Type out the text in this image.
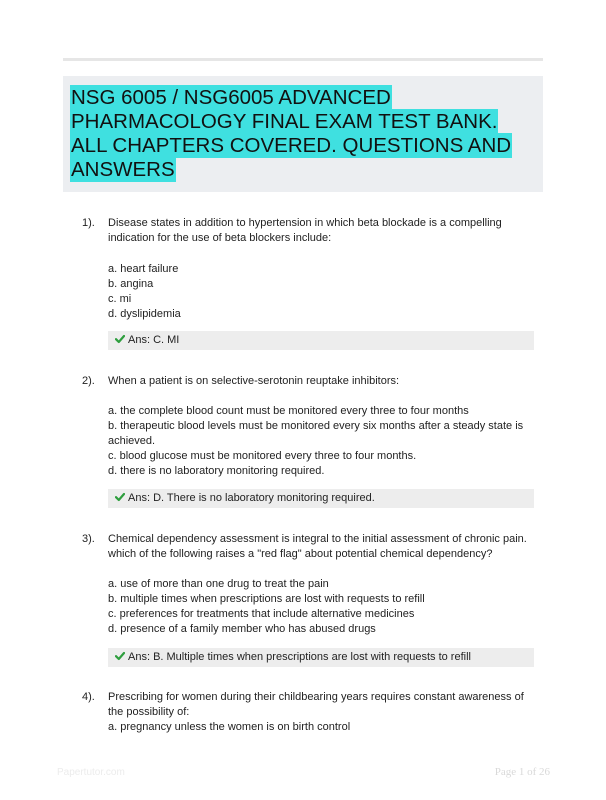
NSG 6005 / NSG6005 ADVANCED PHARMACOLOGY FINAL EXAM TEST BANK. ALL CHAPTERS COVERED. QUESTIONS AND ANSWERS

1). Disease states in addition to hypertension in which beta blockade is a compelling indication for the use of beta blockers include:
a. heart failure
b. angina
c. mi
d. dyslipidemia
Ans: C. MI
2). When a patient is on selective-serotonin reuptake inhibitors:
a. the complete blood count must be monitored every three to four months
b. therapeutic blood levels must be monitored every six months after a steady state is achieved.
c. blood glucose must be monitored every three to four months.
d. there is no laboratory monitoring required.
Ans: D. There is no laboratory monitoring required.
3). Chemical dependency assessment is integral to the initial assessment of chronic pain. which of the following raises a "red flag" about potential chemical dependency?
a. use of more than one drug to treat the pain
b. multiple times when prescriptions are lost with requests to refill
c. preferences for treatments that include alternative medicines
d. presence of a family member who has abused drugs
Ans: B. Multiple times when prescriptions are lost with requests to refill
4). Prescribing for women during their childbearing years requires constant awareness of the possibility of:
a. pregnancy unless the women is on birth control
Papertutor.com	Page 1 of 26
